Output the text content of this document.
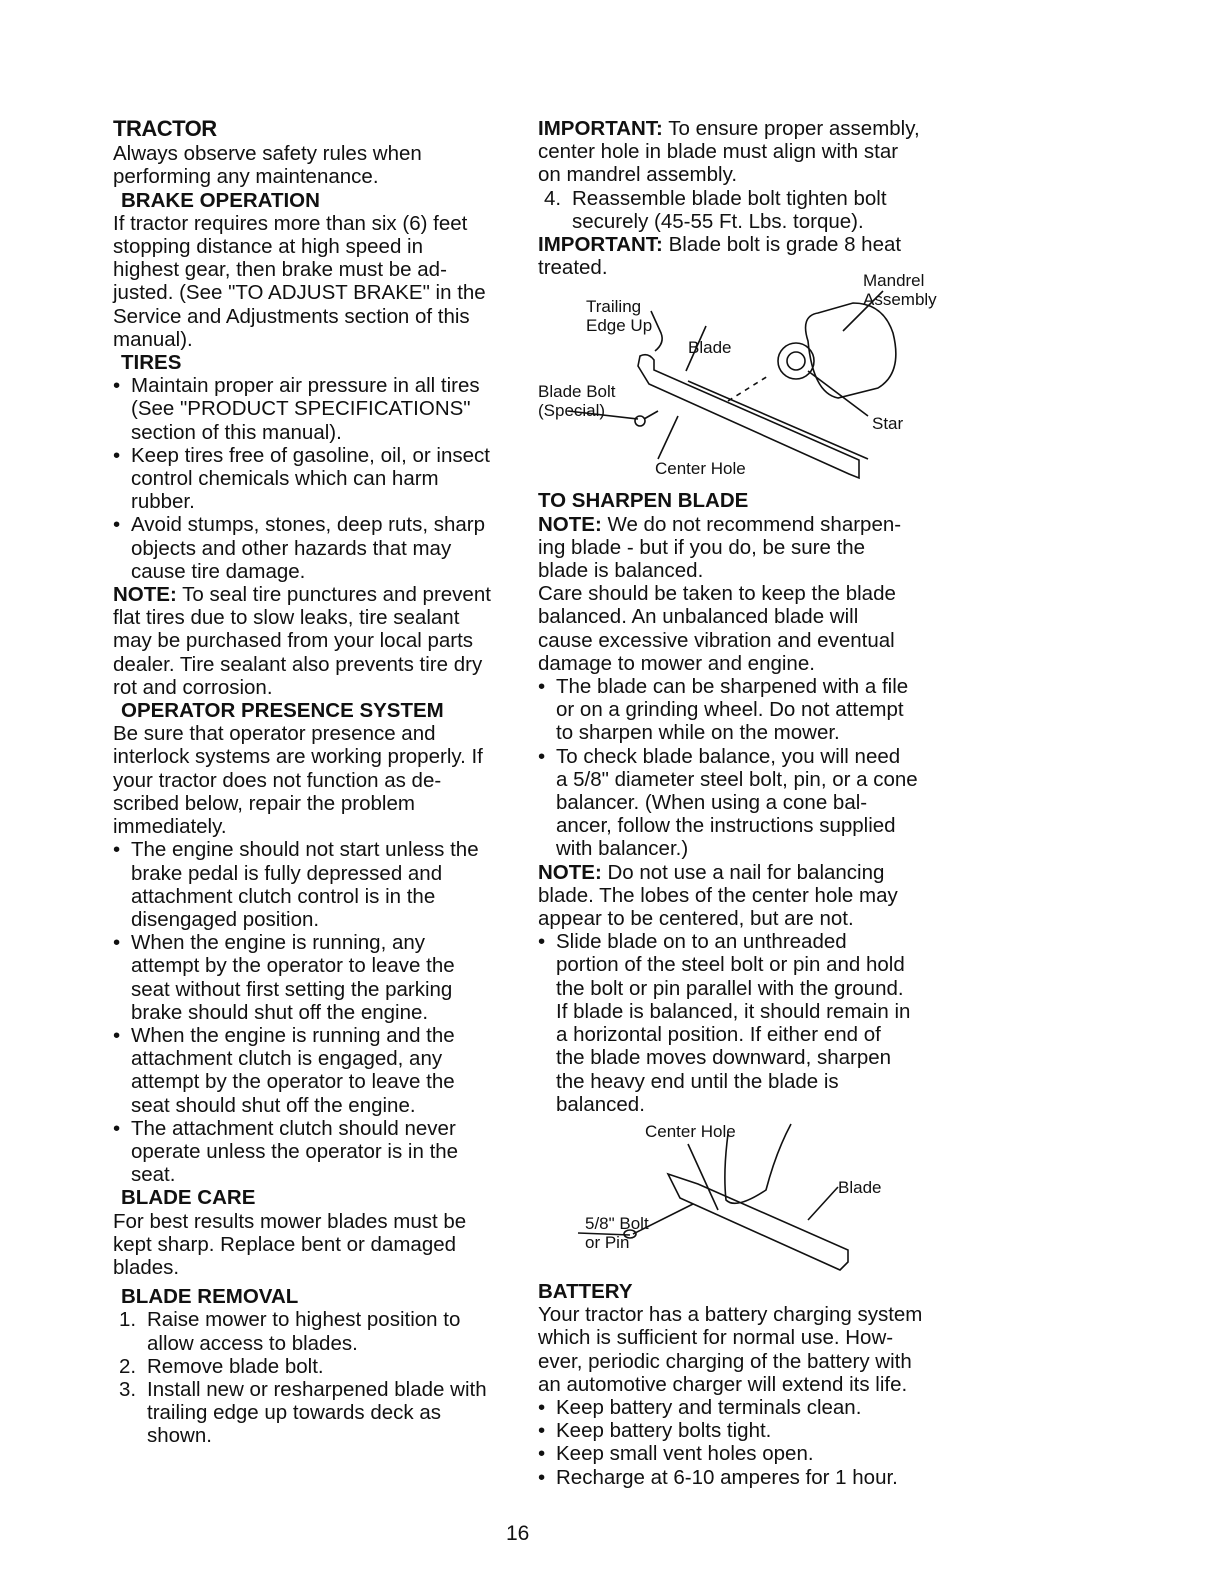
TRACTOR
Always observe safety rules when
performing any maintenance.
BRAKE OPERATION
If tractor requires more than six (6) feet
stopping distance at high speed in
highest gear, then brake must be ad-
justed. (See "TO ADJUST BRAKE" in the
Service and Adjustments section of this
manual).
TIRES
• Maintain proper air pressure in all tires
(See "PRODUCT SPECIFICATIONS"
section of this manual).
• Keep tires free of gasoline, oil, or insect
control chemicals which can harm
rubber.
• Avoid stumps, stones, deep ruts, sharp
objects and other hazards that may
cause tire damage.
NOTE: To seal tire punctures and prevent
flat tires due to slow leaks, tire sealant
may be purchased from your local parts
dealer. Tire sealant also prevents tire dry
rot and corrosion.
OPERATOR PRESENCE SYSTEM
Be sure that operator presence and
interlock systems are working properly. If
your tractor does not function as de-
scribed below, repair the problem
immediately.
• The engine should not start unless the
brake pedal is fully depressed and
attachment clutch control is in the
disengaged position.
• When the engine is running, any
attempt by the operator to leave the
seat without first setting the parking
brake should shut off the engine.
• When the engine is running and the
attachment clutch is engaged, any
attempt by the operator to leave the
seat should shut off the engine.
• The attachment clutch should never
operate unless the operator is in the
seat.
BLADE CARE
For best results mower blades must be
kept sharp. Replace bent or damaged
blades.
BLADE REMOVAL
1. Raise mower to highest position to
allow access to blades.
2. Remove blade bolt.
3. Install new or resharpened blade with
trailing edge up towards deck as
shown.
IMPORTANT: To ensure proper assembly,
center hole in blade must align with star
on mandrel assembly.
4. Reassemble blade bolt tighten bolt
securely (45-55 Ft. Lbs. torque).
IMPORTANT: Blade bolt is grade 8 heat
treated.
Mandrel
Assembly
Trailing
Edge Up
Blade
Blade Bolt
(Special)
Star
Center Hole
TO SHARPEN BLADE
NOTE: We do not recommend sharpen-
ing blade - but if you do, be sure the
blade is balanced.
Care should be taken to keep the blade
balanced. An unbalanced blade will
cause excessive vibration and eventual
damage to mower and engine.
• The blade can be sharpened with a file
or on a grinding wheel. Do not attempt
to sharpen while on the mower.
• To check blade balance, you will need
a 5/8" diameter steel bolt, pin, or a cone
balancer. (When using a cone bal-
ancer, follow the instructions supplied
with balancer.)
NOTE: Do not use a nail for balancing
blade. The lobes of the center hole may
appear to be centered, but are not.
• Slide blade on to an unthreaded
portion of the steel bolt or pin and hold
the bolt or pin parallel with the ground.
If blade is balanced, it should remain in
a horizontal position. If either end of
the blade moves downward, sharpen
the heavy end until the blade is
balanced.
Center Hole
Blade
5/8" Bolt
or Pin
BATTERY
Your tractor has a battery charging system
which is sufficient for normal use. How-
ever, periodic charging of the battery with
an automotive charger will extend its life.
• Keep battery and terminals clean.
• Keep battery bolts tight.
• Keep small vent holes open.
• Recharge at 6-10 amperes for 1 hour.
16
